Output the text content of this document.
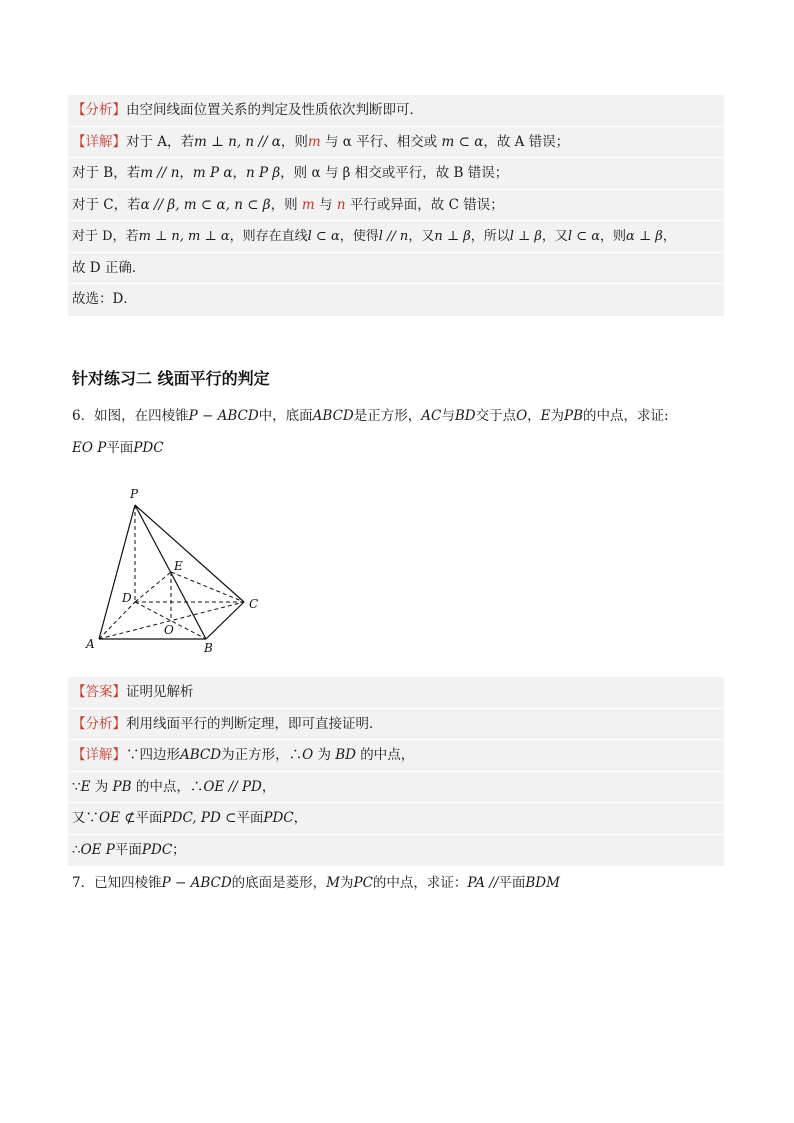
【分析】由空间线面位置关系的判定及性质依次判断即可．
【详解】对于 A，若m ⊥ n, n // α，则m 与 α 平行、相交或 m ⊂ α，故 A 错误；
对于 B，若m // n，m P α，n P β，则 α 与 β 相交或平行，故 B 错误；
对于 C，若α // β, m ⊂ α, n ⊂ β，则 m 与 n 平行或异面，故 C 错误；
对于 D，若m ⊥ n, m ⊥ α，则存在直线l ⊂ α，使得l // n，又n ⊥ β，所以l ⊥ β，又l ⊂ α，则α ⊥ β，
故 D 正确．
故选：D．
针对练习二 线面平行的判定
6．如图，在四棱锥P − ABCD中，底面ABCD是正方形，AC与BD交于点O，E为PB的中点，求证:
EO P平面PDC
P
E
D	C
O
A	B
【答案】证明见解析
【分析】利用线面平行的判断定理，即可直接证明．
【详解】∵四边形ABCD为正方形，∴O 为 BD 的中点，
∵E 为 PB 的中点，∴OE // PD，
又∵OE ⊄平面PDC, PD ⊂平面PDC，
∴OE P平面PDC；
7．已知四棱锥P − ABCD的底面是菱形，M为PC的中点，求证：PA //平面BDM
